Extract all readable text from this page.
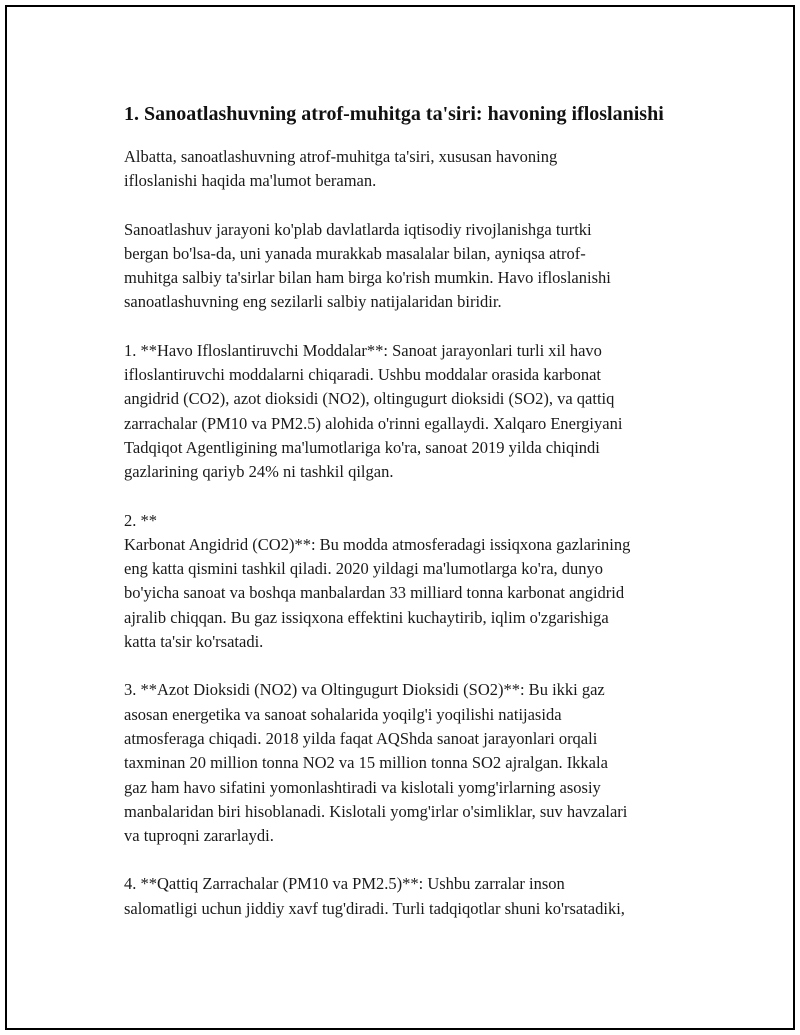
1. Sanoatlashuvning atrof-muhitga ta'siri: havoning ifloslanishi

Albatta, sanoatlashuvning atrof-muhitga ta'siri, xususan havoning
ifloslanishi haqida ma'lumot beraman.

Sanoatlashuv jarayoni ko'plab davlatlarda iqtisodiy rivojlanishga turtki
bergan bo'lsa-da, uni yanada murakkab masalalar bilan, ayniqsa atrof-
muhitga salbiy ta'sirlar bilan ham birga ko'rish mumkin. Havo ifloslanishi
sanoatlashuvning eng sezilarli salbiy natijalaridan biridir.

1. **Havo Ifloslantiruvchi Moddalar**: Sanoat jarayonlari turli xil havo
ifloslantiruvchi moddalarni chiqaradi. Ushbu moddalar orasida karbonat
angidrid (CO2), azot dioksidi (NO2), oltingugurt dioksidi (SO2), va qattiq
zarrachalar (PM10 va PM2.5) alohida o'rinni egallaydi. Xalqaro Energiyani
Tadqiqot Agentligining ma'lumotlariga ko'ra, sanoat 2019 yilda chiqindi
gazlarining qariyb 24% ni tashkil qilgan.

2. **
Karbonat Angidrid (CO2)**: Bu modda atmosferadagi issiqxona gazlarining
eng katta qismini tashkil qiladi. 2020 yildagi ma'lumotlarga ko'ra, dunyo
bo'yicha sanoat va boshqa manbalardan 33 milliard tonna karbonat angidrid
ajralib chiqqan. Bu gaz issiqxona effektini kuchaytirib, iqlim o'zgarishiga
katta ta'sir ko'rsatadi.

3. **Azot Dioksidi (NO2) va Oltingugurt Dioksidi (SO2)**: Bu ikki gaz
asosan energetika va sanoat sohalarida yoqilg'i yoqilishi natijasida
atmosferaga chiqadi. 2018 yilda faqat AQShda sanoat jarayonlari orqali
taxminan 20 million tonna NO2 va 15 million tonna SO2 ajralgan. Ikkala
gaz ham havo sifatini yomonlashtiradi va kislotali yomg'irlarning asosiy
manbalaridan biri hisoblanadi. Kislotali yomg'irlar o'simliklar, suv havzalari
va tuproqni zararlaydi.

4. **Qattiq Zarrachalar (PM10 va PM2.5)**: Ushbu zarralar inson
salomatligi uchun jiddiy xavf tug'diradi. Turli tadqiqotlar shuni ko'rsatadiki,
